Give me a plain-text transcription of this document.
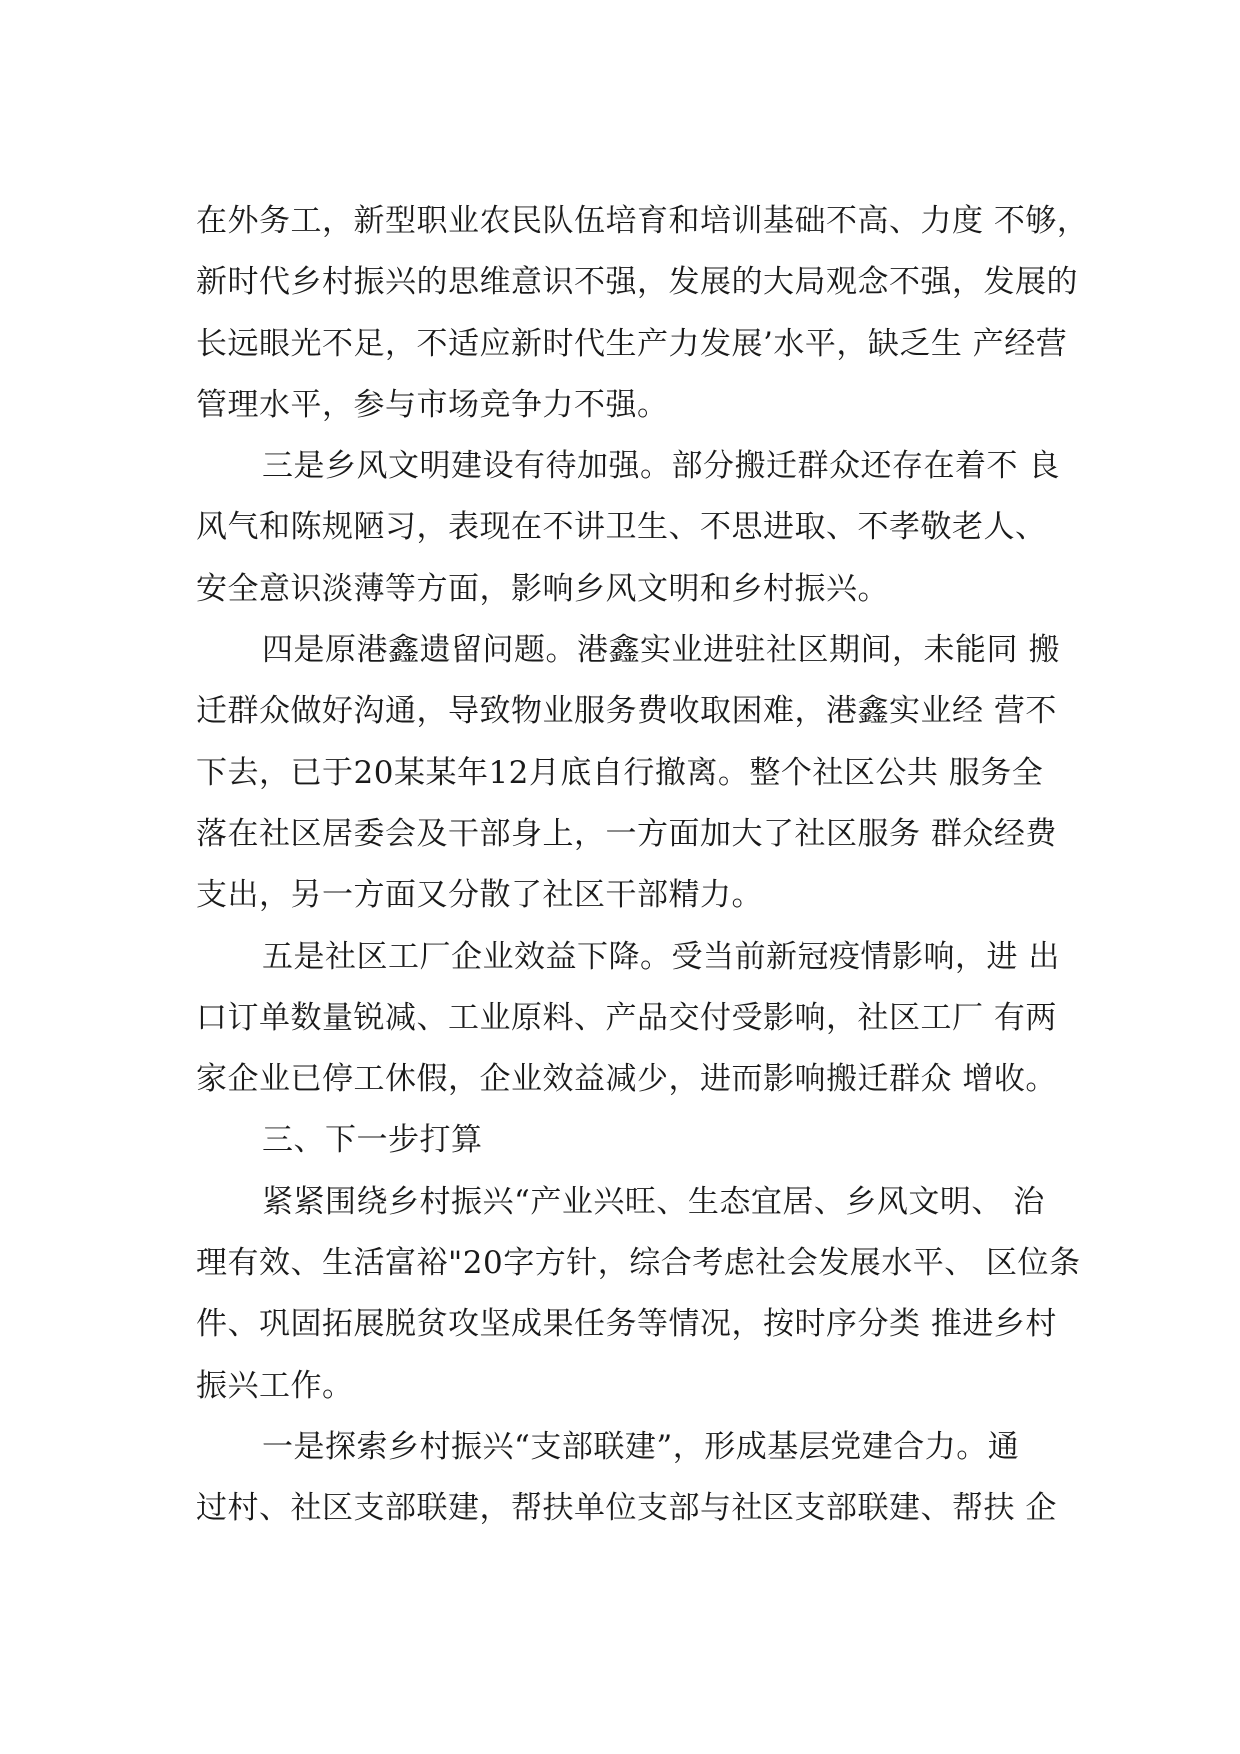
在外务工，新型职业农民队伍培育和培训基础不高、力度 不够，
新时代乡村振兴的思维意识不强，发展的大局观念不强，发展的
长远眼光不足，不适应新时代生产力发展’水平，缺乏生 产经营
管理水平，参与市场竞争力不强。
三是乡风文明建设有待加强。部分搬迁群众还存在着不 良
风气和陈规陋习，表现在不讲卫生、不思进取、不孝敬老人、
安全意识淡薄等方面，影响乡风文明和乡村振兴。
四是原港鑫遗留问题。港鑫实业进驻社区期间，未能同 搬
迁群众做好沟通，导致物业服务费收取困难，港鑫实业经 营不
下去，已于20某某年12月底自行撤离。整个社区公共 服务全
落在社区居委会及干部身上，一方面加大了社区服务 群众经费
支出，另一方面又分散了社区干部精力。
五是社区工厂企业效益下降。受当前新冠疫情影响，进 出
口订单数量锐减、工业原料、产品交付受影响，社区工厂 有两
家企业已停工休假，企业效益减少，进而影响搬迁群众 增收。
三、下一步打算
紧紧围绕乡村振兴“产业兴旺、生态宜居、乡风文明、 治
理有效、生活富裕"20字方针，综合考虑社会发展水平、 区位条
件、巩固拓展脱贫攻坚成果任务等情况，按时序分类 推进乡村
振兴工作。
一是探索乡村振兴“支部联建”，形成基层党建合力。通
过村、社区支部联建，帮扶单位支部与社区支部联建、帮扶 企
